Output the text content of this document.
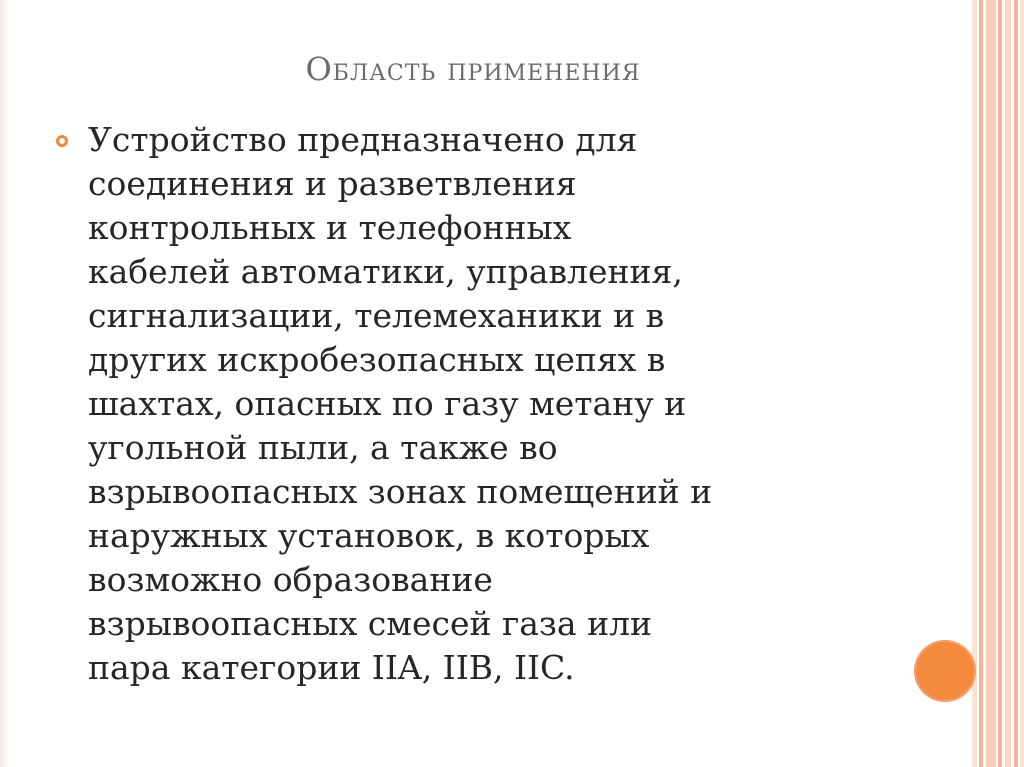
Область применения
Устройство предназначено для
соединения и разветвления
контрольных и телефонных
кабелей автоматики, управления,
сигнализации, телемеханики и в
других искробезопасных цепях в
шахтах, опасных по газу метану и
угольной пыли, а также во
взрывоопасных зонах помещений и
наружных установок, в которых
возможно образование
взрывоопасных смесей газа или
пара категории IIA, IIB, IIC.
